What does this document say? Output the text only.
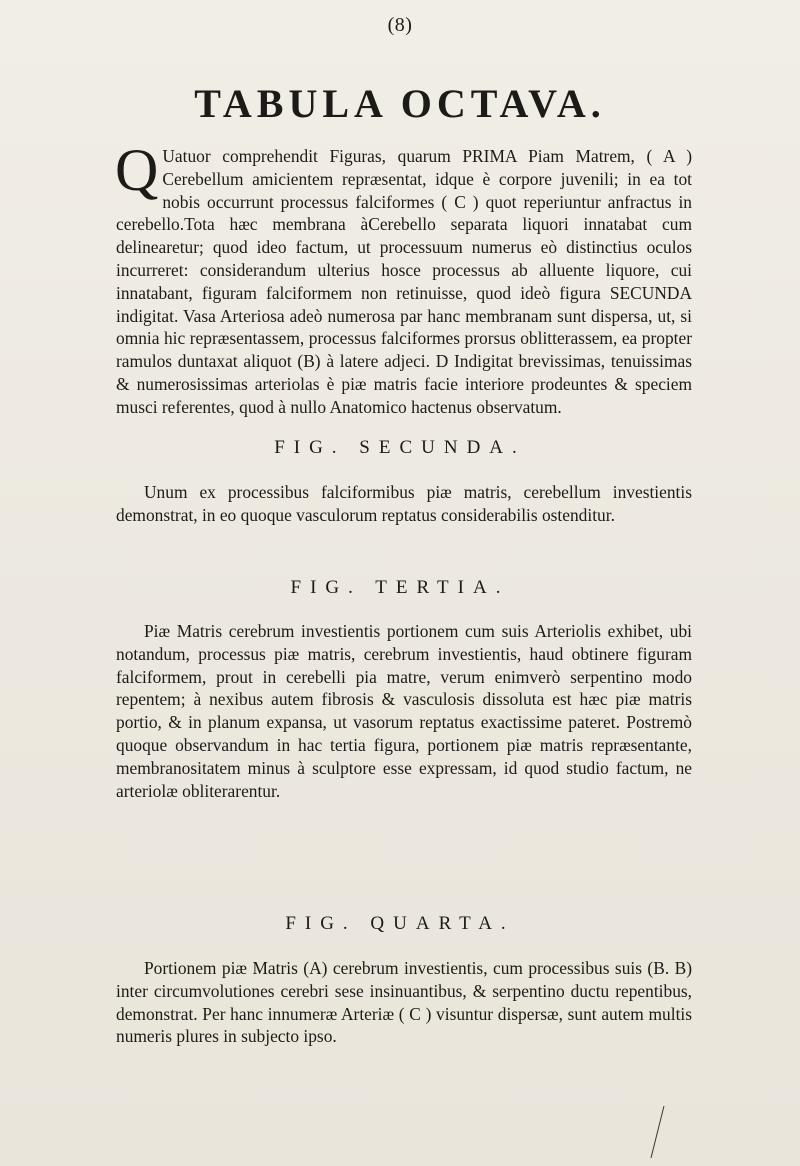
(8)
TABULA OCTAVA.

Q Uatuor comprehendit Figuras, quarum PRIMA Piam Matrem, ( A ) Cerebellum amicientem repræsentat, idque è corpore juvenili; in ea tot nobis occurrunt processus falciformes ( C ) quot reperiuntur anfractus in cerebello.Tota hæc membrana àCerebello separata liquori innatabat cum delinearetur; quod ideo factum, ut processuum numerus eò distinctius oculos incurreret: considerandum ulterius hosce processus ab alluente liquore, cui innatabant, figuram falciformem non retinuisse, quod ideò figura SECUNDA indigitat. Vasa Arteriosa adeò numerosa par hanc membranam sunt dispersa, ut, si omnia hic repræsentassem, processus falciformes prorsus oblitterassem, ea propter ramulos duntaxat aliquot (B) à latere adjeci. D Indigitat brevissimas, tenuissimas & numerosissimas arteriolas è piæ matris facie interiore prodeuntes & speciem musci referentes, quod à nullo Anatomico hactenus observatum.

FIG. SECUNDA.

Unum ex processibus falciformibus piæ matris, cerebellum investientis demonstrat, in eo quoque vasculorum reptatus considerabilis ostenditur.

FIG. TERTIA.

Piæ Matris cerebrum investientis portionem cum suis Arteriolis exhibet, ubi notandum, processus piæ matris, cerebrum investientis, haud obtinere figuram falciformem, prout in cerebelli pia matre, verum enimverò serpentino modo repentem; à nexibus autem fibrosis & vasculosis dissoluta est hæc piæ matris portio, & in planum expansa, ut vasorum reptatus exactissime pateret. Postremò quoque observandum in hac tertia figura, portionem piæ matris repræsentante, membranositatem minus à sculptore esse expressam, id quod studio factum, ne arteriolæ obliterarentur.

FIG. QUARTA.

Portionem piæ Matris (A) cerebrum investientis, cum processibus suis (B. B) inter circumvolutiones cerebri sese insinuantibus, & serpentino ductu repentibus, demonstrat. Per hanc innumeræ Arteriæ ( C ) visuntur dispersæ, sunt autem multis numeris plures in subjecto ipso.
